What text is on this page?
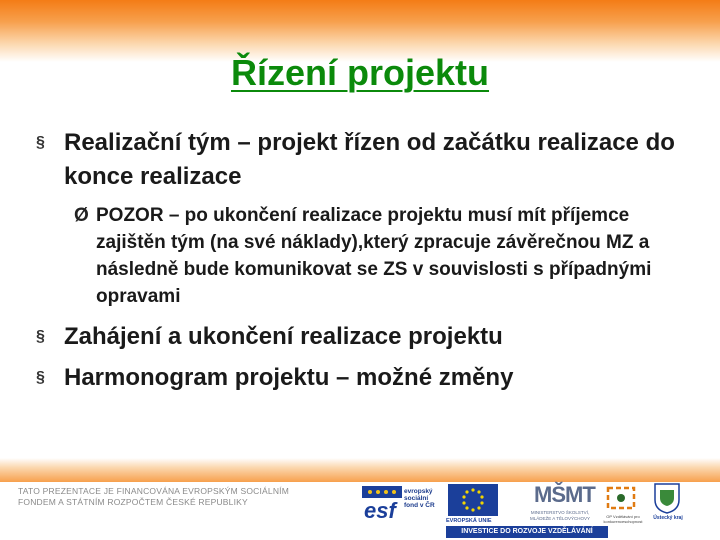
Řízení projektu
§ Realizační tým – projekt řízen od začátku realizace do konce realizace
Ø POZOR – po ukončení realizace projektu musí mít příjemce zajištěn tým (na své náklady),který zpracuje závěrečnou MZ a následně bude komunikovat se ZS v souvislosti s případnými opravami
§ Zahájení a ukončení realizace projektu
§ Harmonogram projektu – možné změny
TATO PREZENTACE JE FINANCOVÁNA EVROPSKÝM SOCIÁLNÍM
FONDEM A STÁTNÍM ROZPOČTEM ČESKÉ REPUBLIKY	esf
evropský sociální fond v ČR
EVROPSKÁ UNIE
MŠMT
MINISTERSTVO ŠKOLSTVÍ, MLÁDEŽE A TĚLOVÝCHOVY	OP Vzdělávání pro konkurenceschopnost
Ústecký kraj
INVESTICE DO ROZVOJE VZDĚLÁVÁNÍ
